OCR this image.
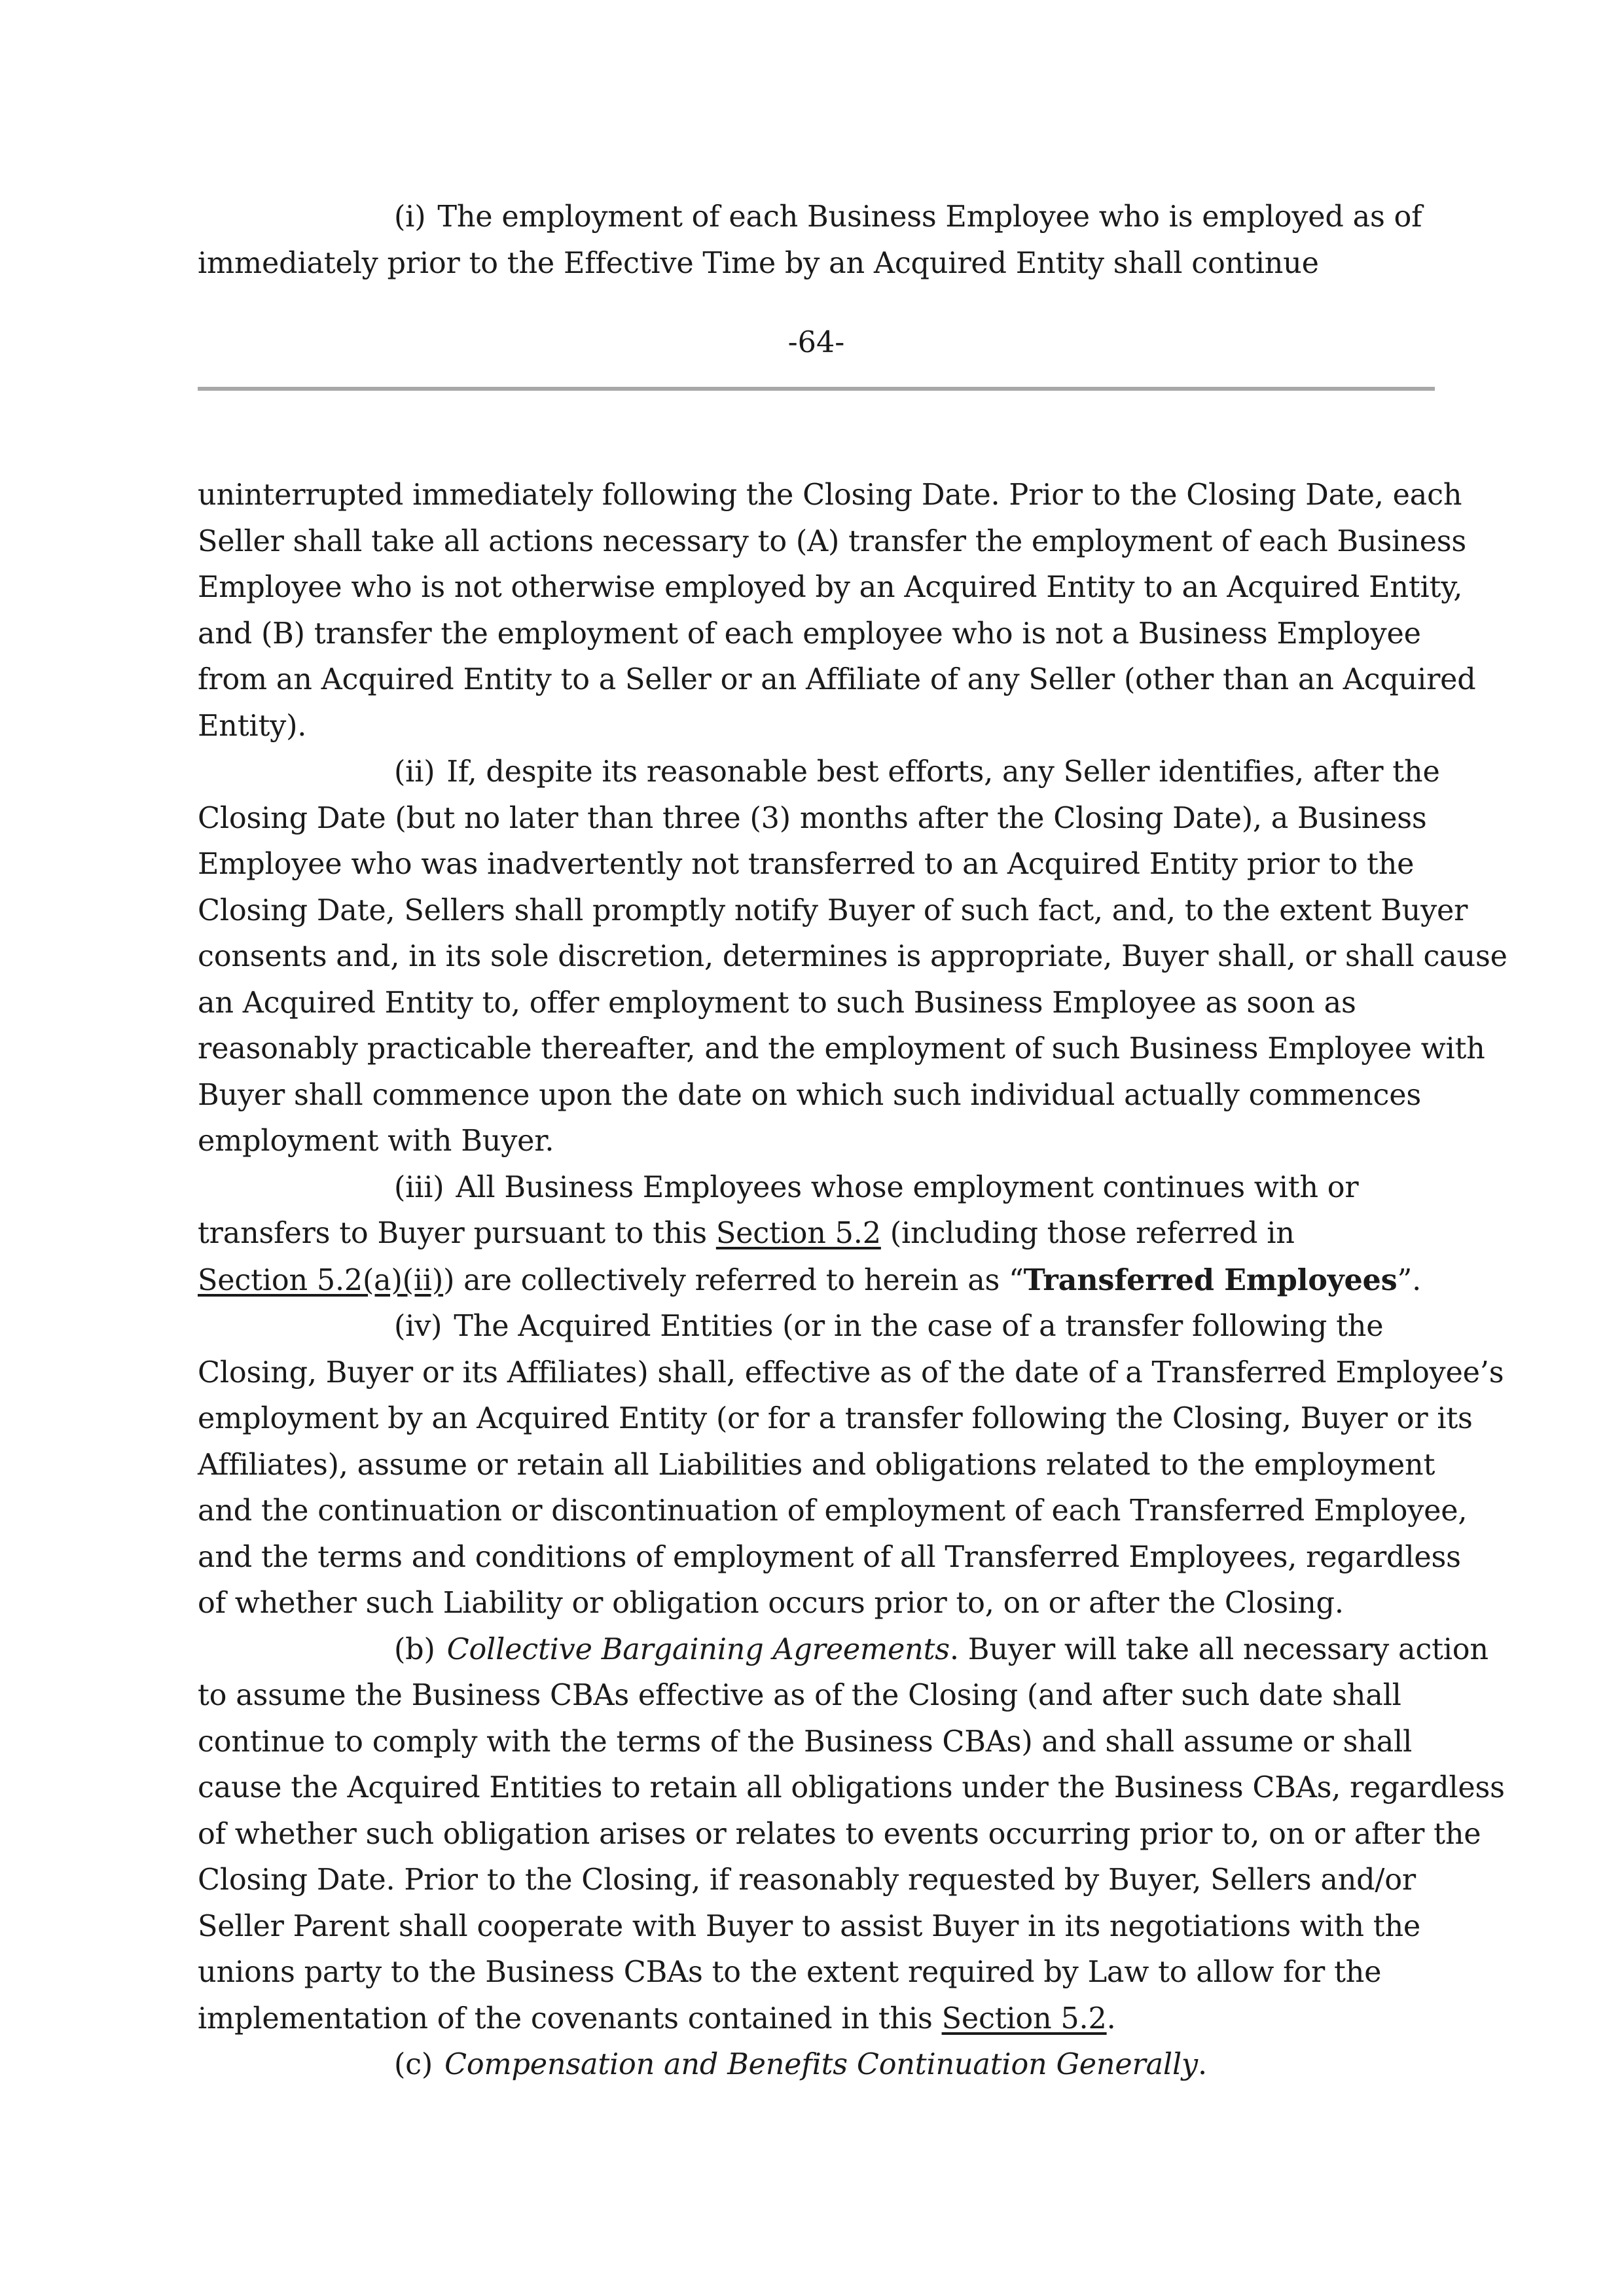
(i) The employment of each Business Employee who is employed as of
immediately prior to the Effective Time by an Acquired Entity shall continue

-64-

uninterrupted immediately following the Closing Date. Prior to the Closing Date, each
Seller shall take all actions necessary to (A) transfer the employment of each Business
Employee who is not otherwise employed by an Acquired Entity to an Acquired Entity,
and (B) transfer the employment of each employee who is not a Business Employee
from an Acquired Entity to a Seller or an Affiliate of any Seller (other than an Acquired
Entity).

(ii) If, despite its reasonable best efforts, any Seller identifies, after the
Closing Date (but no later than three (3) months after the Closing Date), a Business
Employee who was inadvertently not transferred to an Acquired Entity prior to the
Closing Date, Sellers shall promptly notify Buyer of such fact, and, to the extent Buyer
consents and, in its sole discretion, determines is appropriate, Buyer shall, or shall cause
an Acquired Entity to, offer employment to such Business Employee as soon as
reasonably practicable thereafter, and the employment of such Business Employee with
Buyer shall commence upon the date on which such individual actually commences
employment with Buyer.

(iii) All Business Employees whose employment continues with or
transfers to Buyer pursuant to this Section 5.2 (including those referred in
Section 5.2(a)(ii)) are collectively referred to herein as “Transferred Employees”.

(iv) The Acquired Entities (or in the case of a transfer following the
Closing, Buyer or its Affiliates) shall, effective as of the date of a Transferred Employee’s
employment by an Acquired Entity (or for a transfer following the Closing, Buyer or its
Affiliates), assume or retain all Liabilities and obligations related to the employment
and the continuation or discontinuation of employment of each Transferred Employee,
and the terms and conditions of employment of all Transferred Employees, regardless
of whether such Liability or obligation occurs prior to, on or after the Closing.

(b) Collective Bargaining Agreements. Buyer will take all necessary action
to assume the Business CBAs effective as of the Closing (and after such date shall
continue to comply with the terms of the Business CBAs) and shall assume or shall
cause the Acquired Entities to retain all obligations under the Business CBAs, regardless
of whether such obligation arises or relates to events occurring prior to, on or after the
Closing Date. Prior to the Closing, if reasonably requested by Buyer, Sellers and/or
Seller Parent shall cooperate with Buyer to assist Buyer in its negotiations with the
unions party to the Business CBAs to the extent required by Law to allow for the
implementation of the covenants contained in this Section 5.2.

(c) Compensation and Benefits Continuation Generally.
